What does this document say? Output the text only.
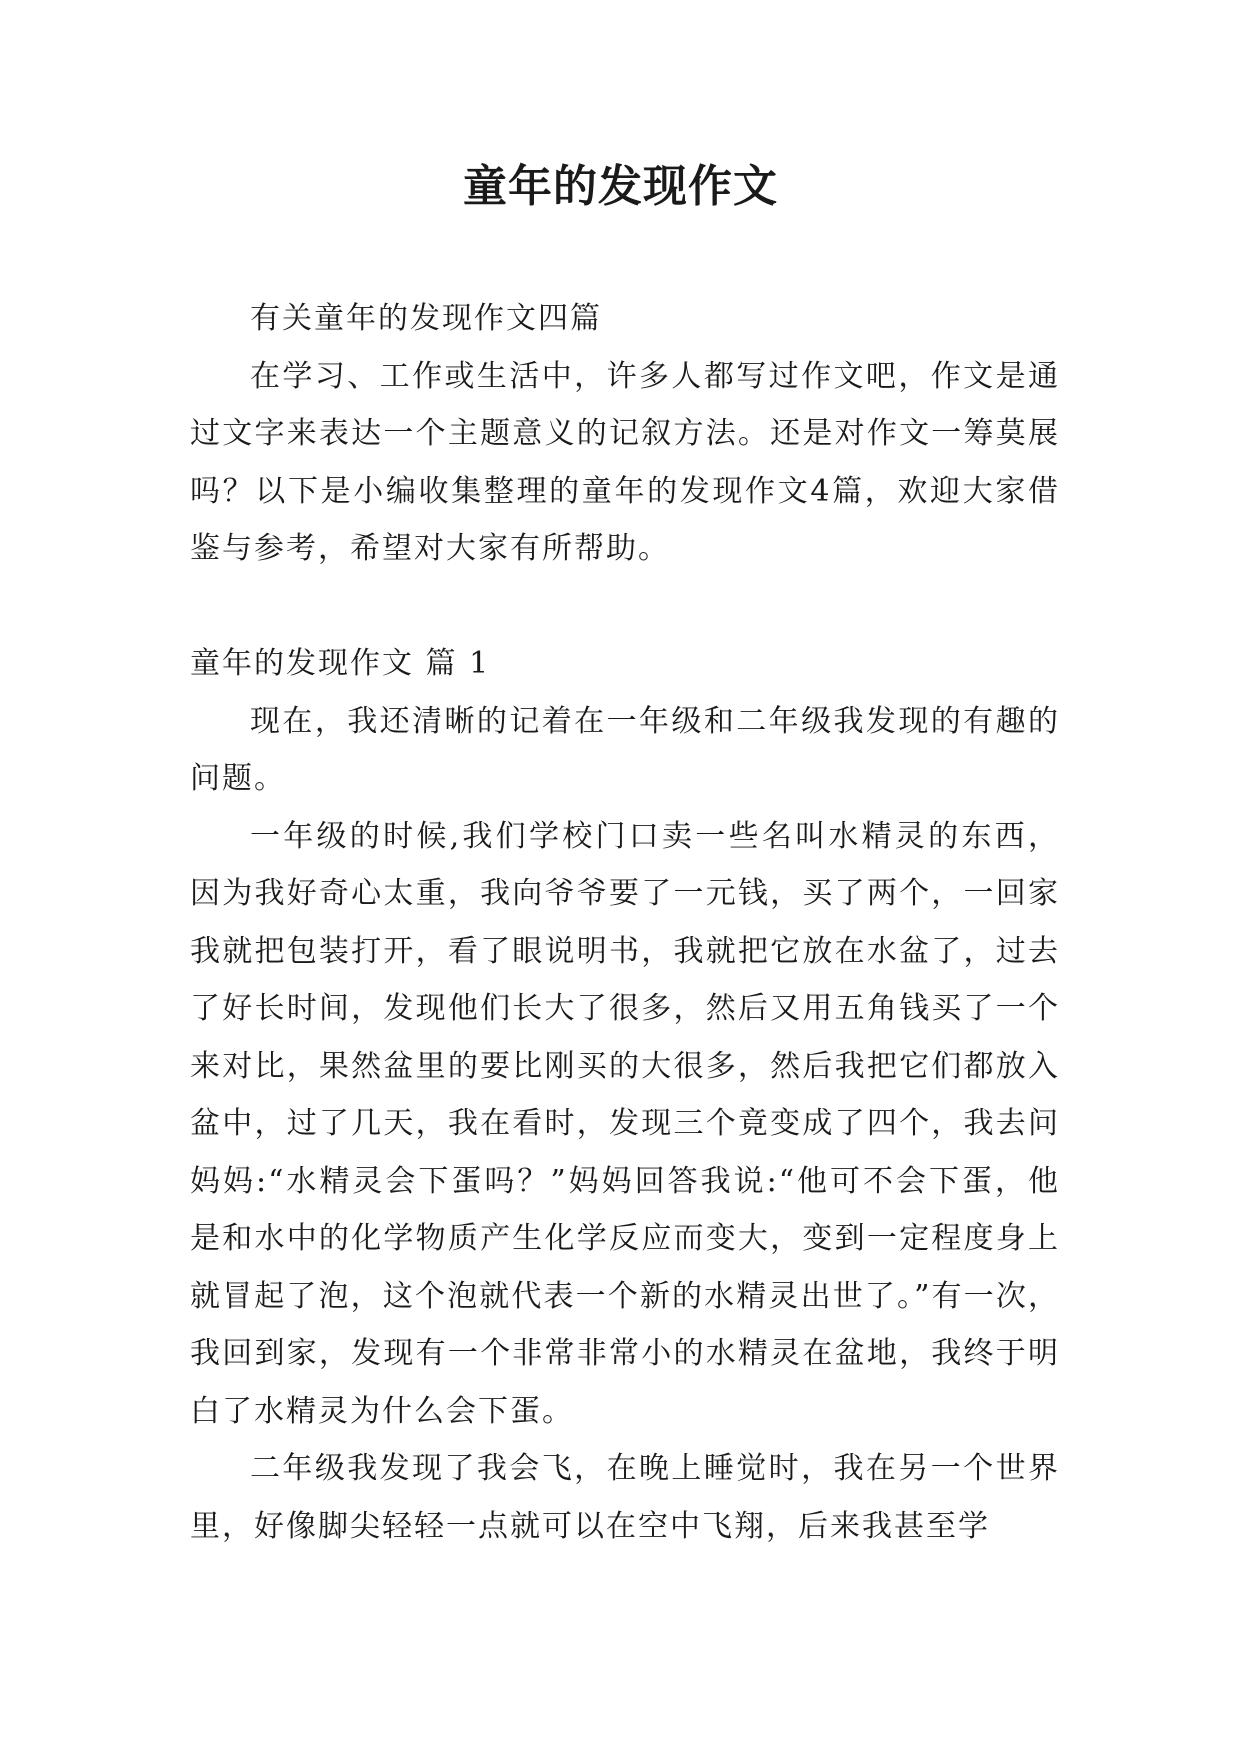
童年的发现作文

有关童年的发现作文四篇

在学习、工作或生活中，许多人都写过作文吧，作文是通过文字来表达一个主题意义的记叙方法。还是对作文一筹莫展吗？以下是小编收集整理的童年的发现作文4篇，欢迎大家借鉴与参考，希望对大家有所帮助。

童年的发现作文 篇 1

现在，我还清晰的记着在一年级和二年级我发现的有趣的问题。

一年级的时候,我们学校门口卖一些名叫水精灵的东西，因为我好奇心太重，我向爷爷要了一元钱，买了两个，一回家我就把包装打开，看了眼说明书，我就把它放在水盆了，过去了好长时间，发现他们长大了很多，然后又用五角钱买了一个来对比，果然盆里的要比刚买的大很多，然后我把它们都放入盆中，过了几天，我在看时，发现三个竟变成了四个，我去问妈妈:“水精灵会下蛋吗？”妈妈回答我说:“他可不会下蛋，他是和水中的化学物质产生化学反应而变大，变到一定程度身上就冒起了泡，这个泡就代表一个新的水精灵出世了。”有一次，我回到家，发现有一个非常非常小的水精灵在盆地，我终于明白了水精灵为什么会下蛋。

二年级我发现了我会飞，在晚上睡觉时，我在另一个世界里，好像脚尖轻轻一点就可以在空中飞翔，后来我甚至学
